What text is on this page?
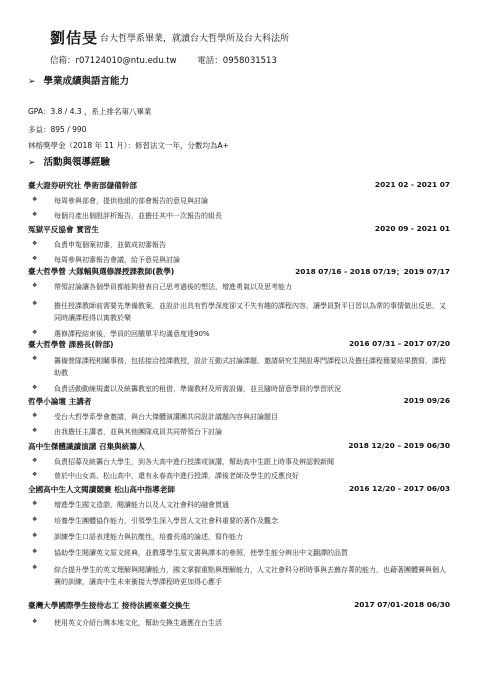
劉佶旻 台大哲學系畢業，就讀台大哲學所及台大科法所
信箱：r07124010@ntu.edu.tw 電話：0958031513
➢ 學業成績與語言能力
GPA：3.8 / 4.3 ，系上排名第八畢業
多益：895 / 990
林榕獎學金（2018 年 11 月）：修習法文一年，分數均為A+
➢ 活動與領導經驗
臺大證券研究社 學術部儲備幹部	2021 02 - 2021 07
❖ 每周參與部會，提供他組的部會報告的意見與討論
❖ 每個月產出個股評析報告，並擔任其中一次報告的組長
冤獄平反協會 實習生	2020 09 - 2021 01
❖ 負責申冤個案初審，並做成初審報告
❖ 每周參與初審報告會議，給予意見與討論
臺大哲學營 大隊輔與選修課授課教師(教學)	2018 07/16 - 2018 07/19；2019 07/17
❖ 帶領討論讓各個學員都能夠發表自己思考過後的想法，增進勇氣以及思考能力
❖ 擔任授課教師前需要先準備教案，並設計出具有哲學深度卻又不失有趣的課程內容，讓學員對平日習以為常的事情做出反思，又同時讓課程得以寓教於樂
❖ 選修課程結束後，學員的回饋單平均滿意度達90%
臺大哲學營 課務長(幹部)	2016 07/31 - 2017 07/20
❖ 籌備營隊課程相關事務，包括接洽授課教授，設計互動式討論課題，邀請研究生開設專門課程以及擔任課程簡要結果撰寫，課程助教
❖ 負責活動動線規畫以及統籌教室的租借，準備教材及所需設備，並且隨時留意學員的學習狀況
哲學小論壇 主講者	2019 09/26
❖ 受台大哲學系學會邀請，與台大傑體演講團共同設計議題內容與討論題目
❖ 由我擔任主講者，並與其他團隊成員共同帶領台下討論
高中生傑體識讀演講 召集與統籌人	2018 12/20 – 2019 06/30
❖ 負責招募及統籌台大學生，到各大高中進行授課或演講，幫助高中生跟上時事及辨認假新聞
❖ 曾於中山女高、松山高中，還有永春高中進行授課，課後老師及學生的反應良好
全國高中生人文閱讀競賽 松山高中指導老師	2016 12/20 - 2017 06/03
❖ 增進學生國文造詣，閱讀能力以及人文社會科的融會貫通
❖ 培養學生團體協作能力，引領學生深入學習人文社會科重要的著作及觀念
❖ 訓練學生口語表達能力與抗壓性，培養長遠的論述，寫作能力
❖ 協助學生閱讀英文原文經典，並教導學生原文書與譯本的參照，使學生能分辨出中文翻譯的品質
❖ 綜合提升學生的英文理解與閱讀能力，國文掌握重點與理解能力，人文社會科分析時事與去蕪存菁的能力，也藉著團體賽與個人賽的訓練，讓高中生未來衝接大學課程時更加得心應手
臺灣大學國際學生接待志工 接待法國來臺交換生	2017 07/01-2018 06/30
❖ 使用英文介紹台灣本地文化，幫助交換生適應在台生活
